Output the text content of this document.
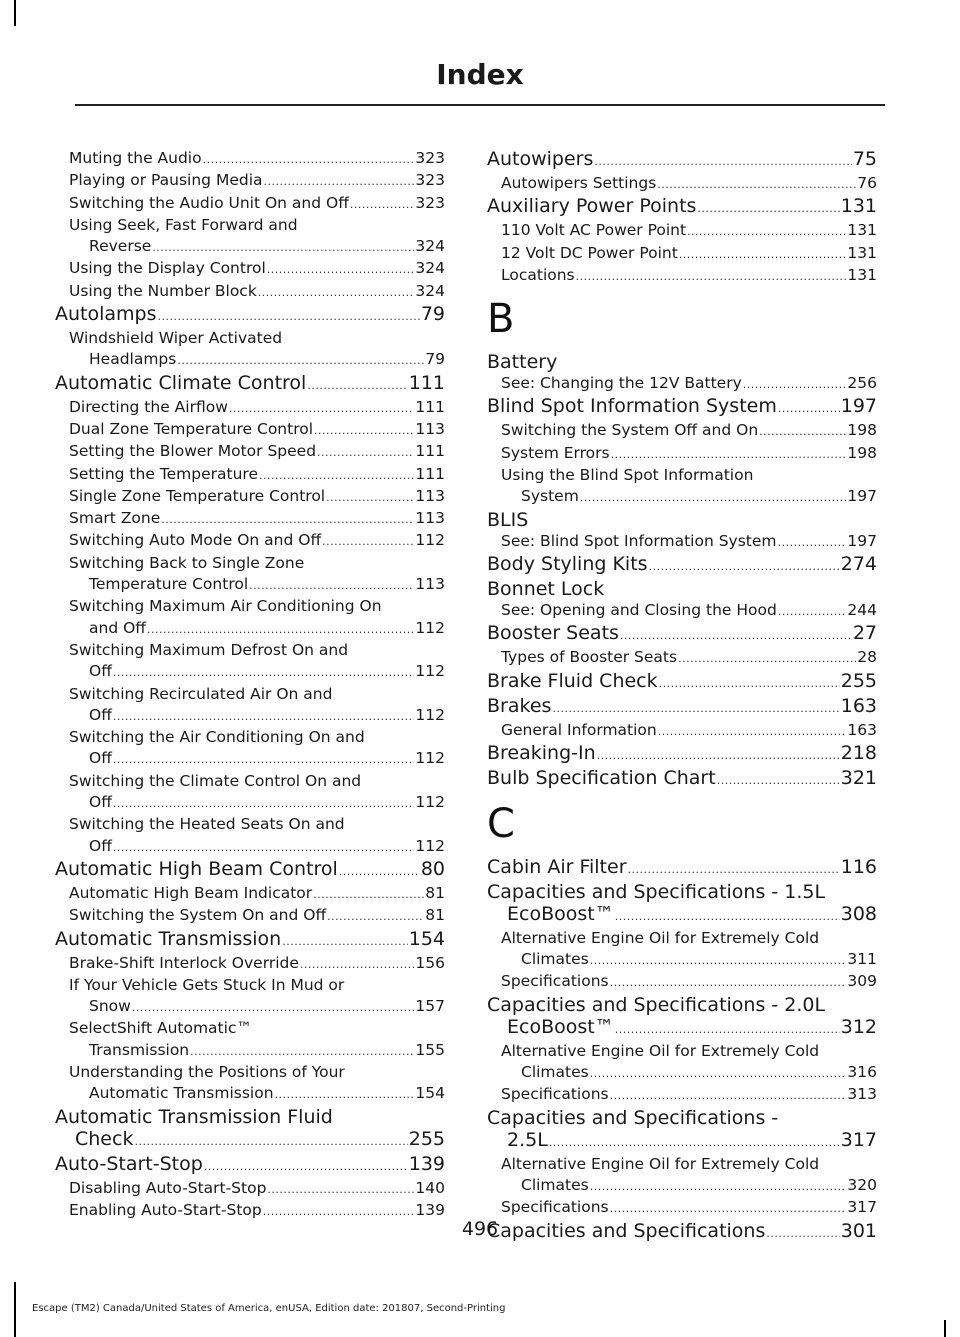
Index
Muting the Audio .....	323
Playing or Pausing Media .....	323
Switching the Audio Unit On and Off .....	323
Using Seek, Fast Forward and
Reverse .....	324
Using the Display Control .....	324
Using the Number Block .....	324
Autolamps .....	79
Windshield Wiper Activated
Headlamps .....	79
Automatic Climate Control .....	111
Directing the Airflow .....	111
Dual Zone Temperature Control .....	113
Setting the Blower Motor Speed .....	111
Setting the Temperature .....	111
Single Zone Temperature Control .....	113
Smart Zone .....	113
Switching Auto Mode On and Off .....	112
Switching Back to Single Zone
Temperature Control .....	113
Switching Maximum Air Conditioning On
and Off .....	112
Switching Maximum Defrost On and
Off .....	112
Switching Recirculated Air On and
Off .....	112
Switching the Air Conditioning On and
Off .....	112
Switching the Climate Control On and
Off .....	112
Switching the Heated Seats On and
Off .....	112
Automatic High Beam Control .....	80
Automatic High Beam Indicator .....	81
Switching the System On and Off .....	81
Automatic Transmission .....	154
Brake-Shift Interlock Override .....	156
If Your Vehicle Gets Stuck In Mud or
Snow .....	157
SelectShift Automatic™
Transmission .....	155
Understanding the Positions of Your
Automatic Transmission .....	154
Automatic Transmission Fluid
Check .....	255
Auto-Start-Stop .....	139
Disabling Auto-Start-Stop .....	140
Enabling Auto-Start-Stop .....	139
Autowipers .....	75
Autowipers Settings .....	76
Auxiliary Power Points .....	131
110 Volt AC Power Point .....	131
12 Volt DC Power Point .....	131
Locations .....	131
B
Battery
See: Changing the 12V Battery .....	256
Blind Spot Information System .....	197
Switching the System Off and On .....	198
System Errors .....	198
Using the Blind Spot Information
System .....	197
BLIS
See: Blind Spot Information System .....	197
Body Styling Kits .....	274
Bonnet Lock
See: Opening and Closing the Hood .....	244
Booster Seats .....	27
Types of Booster Seats .....	28
Brake Fluid Check .....	255
Brakes .....	163
General Information .....	163
Breaking-In .....	218
Bulb Specification Chart .....	321
C
Cabin Air Filter .....	116
Capacities and Specifications - 1.5L
EcoBoost™ .....	308
Alternative Engine Oil for Extremely Cold
Climates .....	311
Specifications .....	309
Capacities and Specifications - 2.0L
EcoBoost™ .....	312
Alternative Engine Oil for Extremely Cold
Climates .....	316
Specifications .....	313
Capacities and Specifications -
2.5L .....	317
Alternative Engine Oil for Extremely Cold
Climates .....	320
Specifications .....	317
Capacities and Specifications .....	301
496
Escape (TM2) Canada/United States of America, enUSA, Edition date: 201807, Second-Printing
